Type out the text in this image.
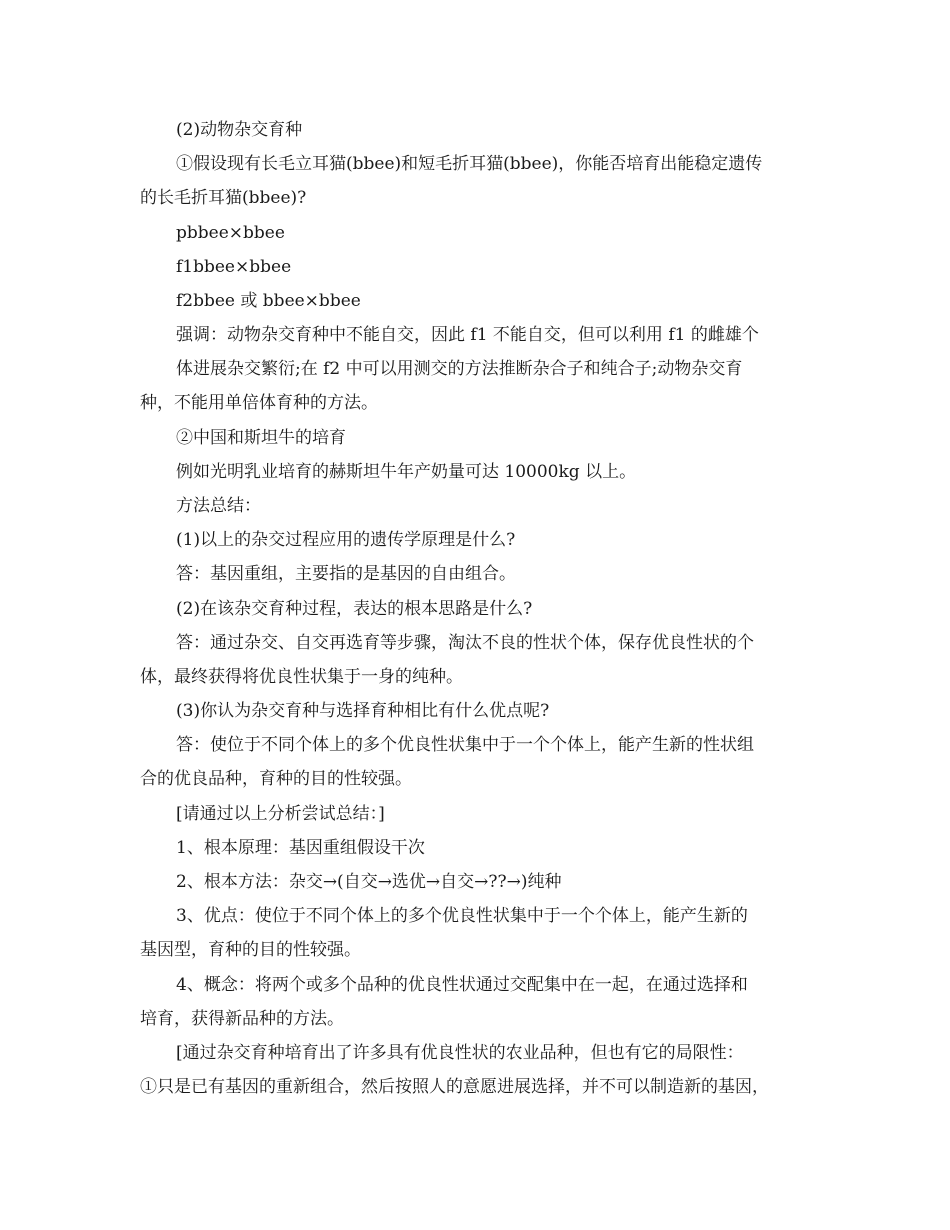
(2)动物杂交育种
①假设现有长毛立耳猫(bbee)和短毛折耳猫(bbee)，你能否培育出能稳定遗传
的长毛折耳猫(bbee)?
pbbee×bbee
f1bbee×bbee
f2bbee 或 bbee×bbee
强调：动物杂交育种中不能自交，因此 f1 不能自交，但可以利用 f1 的雌雄个
体进展杂交繁衍;在 f2 中可以用测交的方法推断杂合子和纯合子;动物杂交育
种，不能用单倍体育种的方法。
②中国和斯坦牛的培育
例如光明乳业培育的赫斯坦牛年产奶量可达 10000kg 以上。
方法总结：
(1)以上的杂交过程应用的遗传学原理是什么?
答：基因重组，主要指的是基因的自由组合。
(2)在该杂交育种过程，表达的根本思路是什么?
答：通过杂交、自交再选育等步骤，淘汰不良的性状个体，保存优良性状的个
体，最终获得将优良性状集于一身的纯种。
(3)你认为杂交育种与选择育种相比有什么优点呢?
答：使位于不同个体上的多个优良性状集中于一个个体上，能产生新的性状组
合的优良品种，育种的目的性较强。
[请通过以上分析尝试总结：]
1、根本原理：基因重组假设干次
2、根本方法：杂交→(自交→选优→自交→??→)纯种
3、优点：使位于不同个体上的多个优良性状集中于一个个体上，能产生新的
基因型，育种的目的性较强。
4、概念：将两个或多个品种的优良性状通过交配集中在一起，在通过选择和
培育，获得新品种的方法。
[通过杂交育种培育出了许多具有优良性状的农业品种，但也有它的局限性：
①只是已有基因的重新组合，然后按照人的意愿进展选择，并不可以制造新的基因，
